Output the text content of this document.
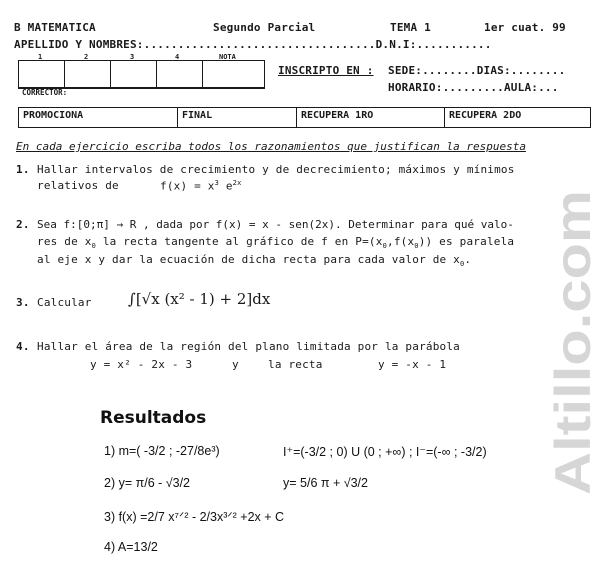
B MATEMATICA	Segundo Parcial	TEMA 1	1er cuat. 99
APELLIDO Y NOMBRES:..................................D.N.I:...........
1	2	3	4	NOTA
CORRECTOR:
INSCRIPTO EN : SEDE:........DIAS:........
HORARIO:.........AULA:...
PROMOCIONA	FINAL	RECUPERA 1RO	RECUPERA 2DO
En cada ejercicio escriba todos los razonamientos que justifican la respuesta
1. Hallar intervalos de crecimiento y de decrecimiento; máximos y mínimos
relativos de	$f(x) = x^3$ $e^{2x}$
2. Sea f:[0;π] → R , dada por f(x) = x - sen(2x). Determinar para qué valo-
res de $x_0$ la recta tangente al gráfico de f en $P=(x_0,f(x_0))$ es paralela
al eje x y dar la ecuación de dicha recta para cada valor de $x_0$.
3. Calcular ∫[√x (x² - 1) + 2]dx
4. Hallar el área de la región del plano limitada por la parábola
y = x² - 2x - 3	y	la recta	y = -x - 1
Resultados
1) m=( -3/2 ; -27/8e³)	I⁺=(-3/2 ; 0) U (0 ; +∞) ; I⁻=(-∞ ; -3/2)
2) y= π/6 - √3/2	y= 5/6 π + √3/2
3) f(x) =2/7 x⁷ᐟ² - 2/3x³ᐟ² +2x + C
4) A=13/2
Altillo.com
